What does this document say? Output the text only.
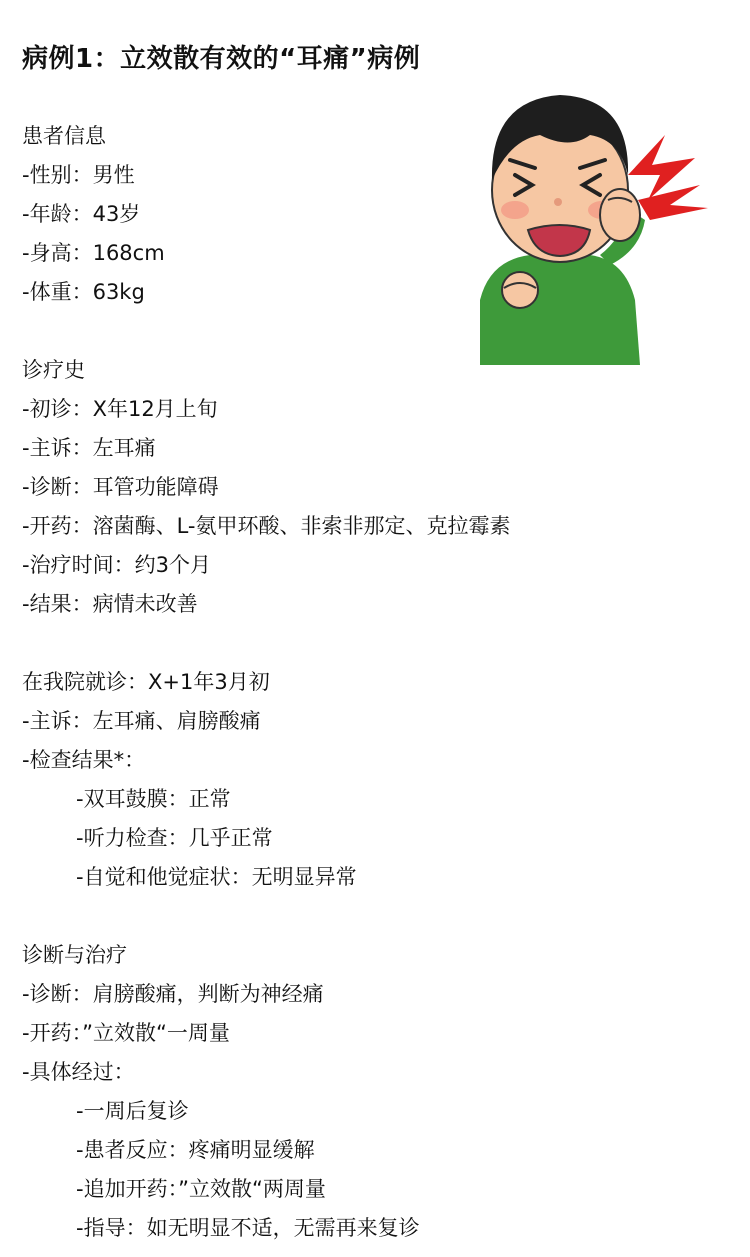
病例1：立效散有效的“耳痛”病例
患者信息
-性别：男性
-年龄：43岁
-身高：168cm
-体重：63kg
诊疗史
-初诊：X年12月上旬
-主诉：左耳痛
-诊断：耳管功能障碍
-开药：溶菌酶、L-氨甲环酸、非索非那定、克拉霉素
-治疗时间：约3个月
-结果：病情未改善
在我院就诊：X+1年3月初
-主诉：左耳痛、肩膀酸痛
-检查结果*：
-双耳鼓膜：正常
-听力检查：几乎正常
-自觉和他觉症状：无明显异常
诊断与治疗
-诊断：肩膀酸痛，判断为神经痛
-开药：”立效散“一周量
-具体经过：
-一周后复诊
-患者反应：疼痛明显缓解
-追加开药：”立效散“两周量
-指导：如无明显不适，无需再来复诊
